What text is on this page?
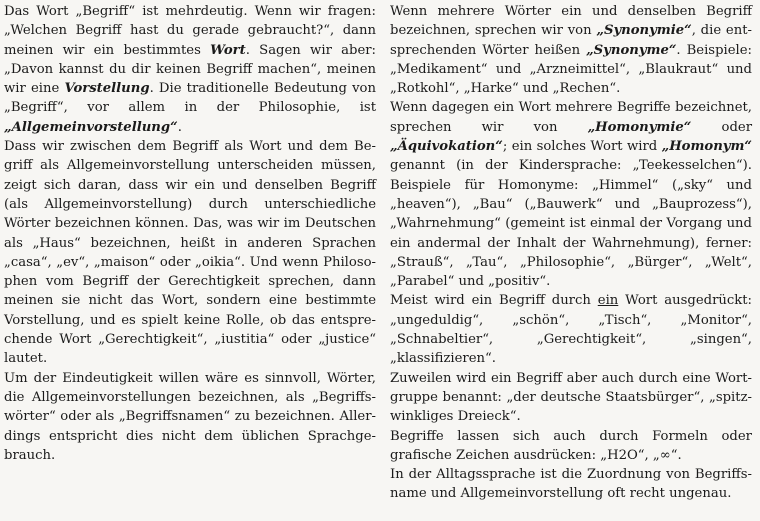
Das Wort „Begriff“ ist mehrdeutig. Wenn wir fragen: „Welchen Begriff hast du gerade gebraucht?“, dann meinen wir ein bestimmtes Wort. Sagen wir aber: „Davon kannst du dir keinen Begriff machen“, meinen wir eine Vorstellung. Die traditionelle Bedeutung von „Begriff“, vor allem in der Philosophie, ist „Allgemeinvorstellung“.

Dass wir zwischen dem Begriff als Wort und dem Begriff als Allgemeinvorstellung unterscheiden müssen, zeigt sich daran, dass wir ein und denselben Begriff (als Allgemeinvorstellung) durch unterschiedliche Wörter bezeichnen können. Das, was wir im Deutschen als „Haus“ bezeichnen, heißt in anderen Sprachen „casa“, „ev“, „maison“ oder „oikia“. Und wenn Philosophen vom Begriff der Gerechtigkeit sprechen, dann meinen sie nicht das Wort, sondern eine bestimmte Vorstellung, und es spielt keine Rolle, ob das entsprechende Wort „Gerechtigkeit“, „iustitia“ oder „justice“ lautet.

Um der Eindeutigkeit willen wäre es sinnvoll, Wörter, die Allgemeinvorstellungen bezeichnen, als „Begriffswörter“ oder als „Begriffsnamen“ zu bezeichnen. Allerdings entspricht dies nicht dem üblichen Sprachgebrauch.

Wenn mehrere Wörter ein und denselben Begriff bezeichnen, sprechen wir von „Synonymie“, die entsprechenden Wörter heißen „Synonyme“. Beispiele: „Medikament“ und „Arzneimittel“, „Blaukraut“ und „Rotkohl“, „Harke“ und „Rechen“.

Wenn dagegen ein Wort mehrere Begriffe bezeichnet, sprechen wir von „Homonymie“ oder „Äquivokation“; ein solches Wort wird „Homonym“ genannt (in der Kindersprache: „Teekesselchen“). Beispiele für Homonyme: „Himmel“ („sky“ und „heaven“), „Bau“ („Bauwerk“ und „Bauprozess“), „Wahrnehmung“ (gemeint ist einmal der Vorgang und ein andermal der Inhalt der Wahrnehmung), ferner: „Strauß“, „Tau“, „Philosophie“, „Bürger“, „Welt“, „Parabel“ und „positiv“.

Meist wird ein Begriff durch ein Wort ausgedrückt: „ungeduldig“, „schön“, „Tisch“, „Monitor“, „Schnabeltier“, „Gerechtigkeit“, „singen“, „klassifizieren“.

Zuweilen wird ein Begriff aber auch durch eine Wortgruppe benannt: „der deutsche Staatsbürger“, „spitzwinkliges Dreieck“.

Begriffe lassen sich auch durch Formeln oder grafische Zeichen ausdrücken: „H2O“, „∞“.

In der Alltagssprache ist die Zuordnung von Begriffsname und Allgemeinvorstellung oft recht ungenau.
